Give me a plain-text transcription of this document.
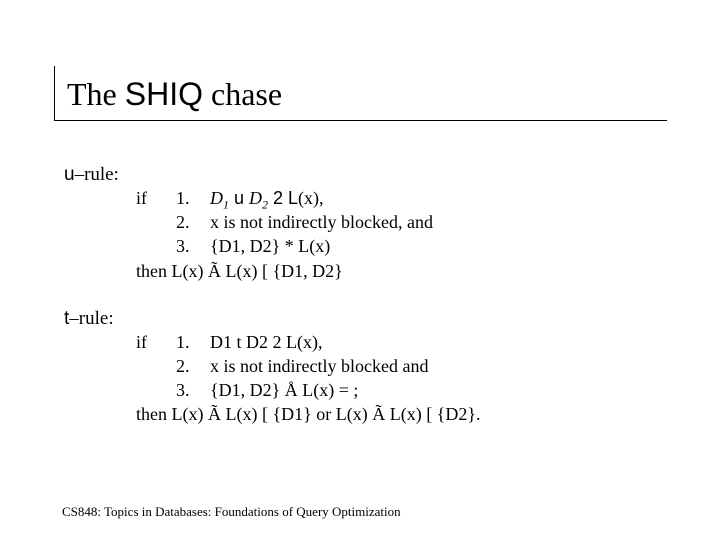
The SHIQ chase
u–rule:
if 1. $D_1$ u $D_2$ 2 L(x),
2. x is not indirectly blocked, and
3. {D1, D2} * L(x)
then L(x) Ã L(x) [ {D1, D2}
t–rule:
if 1. D1 t D2 2 L(x),
2. x is not indirectly blocked and
3. {D1, D2} Å L(x) = ;
then L(x) Ã L(x) [ {D1} or L(x) Ã L(x) [ {D2}.
CS848: Topics in Databases: Foundations of Query Optimization
